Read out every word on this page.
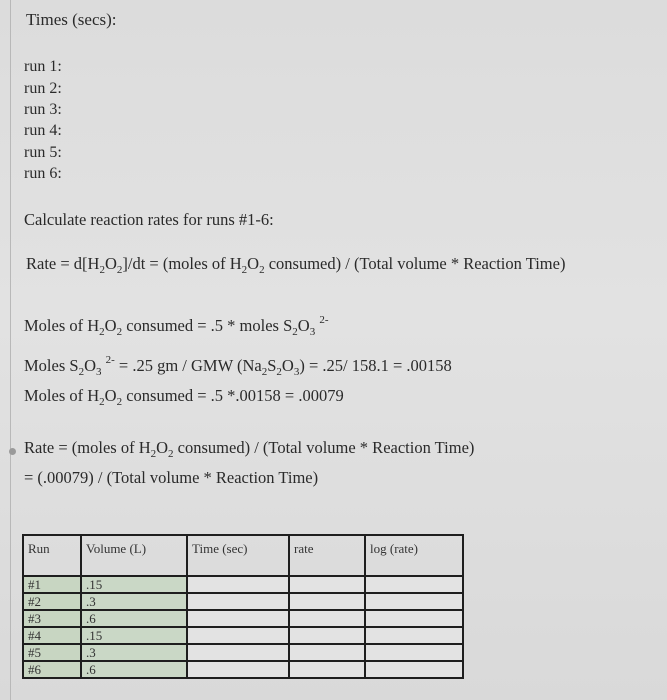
Times (secs):
run 1:
run 2:
run 3:
run 4:
run 5:
run 6:
Calculate reaction rates for runs #1-6:
Rate = $d[H_2O_2]/dt$ = (moles of $H_2O_2$ consumed) / (Total volume * Reaction Time)
Moles of $H_2O_2$ consumed = .5 * moles $S_2O_3$ $^{2-}$
Moles $S_2O_3$ $^{2-}$ = .25 gm / GMW $(Na_2S_2O_3) = .25/$ 158.1 = .00158
Moles of $H_2O_2$ consumed = .5 *.00158 = .00079
Rate = (moles of $H_2O_2$ consumed) / (Total volume * Reaction Time)
= (.00079) / (Total volume * Reaction Time)
Run	Volume (L)	Time (sec)	rate	log (rate)
#1	.15			
#2	.3			
#3	.6			
#4	.15			
#5	.3			
#6	.6			
